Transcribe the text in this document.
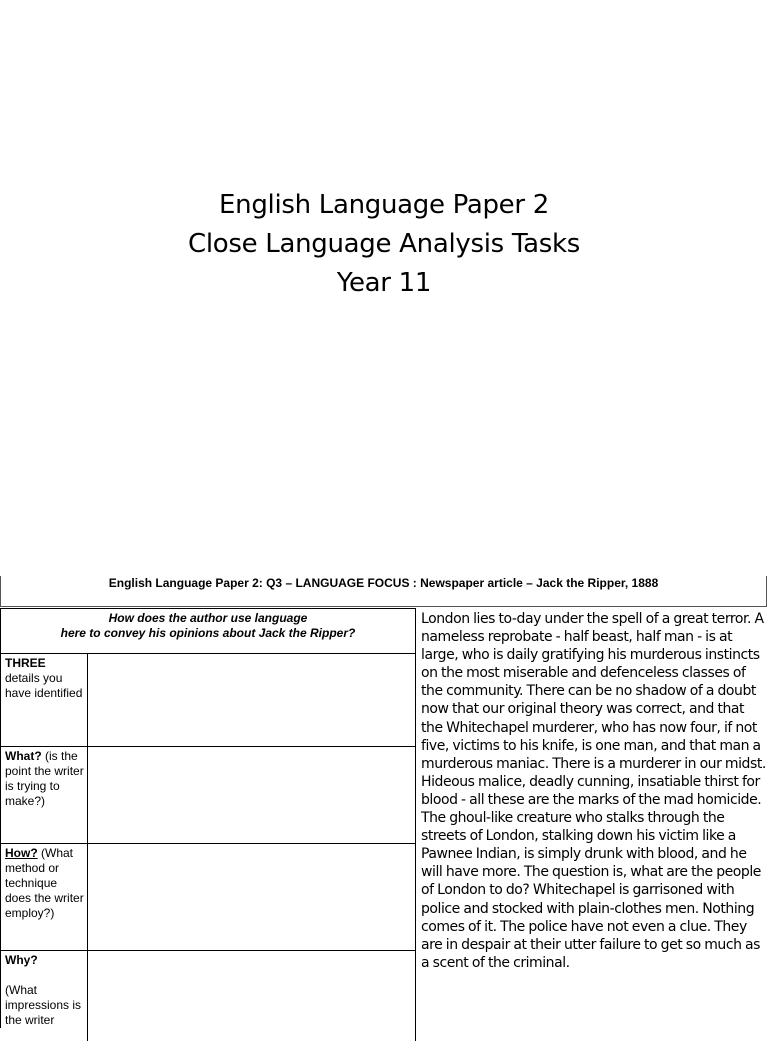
English Language Paper 2
Close Language Analysis Tasks
Year 11
English Language Paper 2: Q3 – LANGUAGE FOCUS : Newspaper article – Jack the Ripper, 1888
How does the author use language
here to convey his opinions about Jack the Ripper?
THREE
details you have identified
What? (is the point the writer is trying to make?)
How? (What method or technique does the writer employ?)
Why?

(What impressions is the writer
London lies to-day under the spell of a great terror. A nameless reprobate - half beast, half man - is at large, who is daily gratifying his murderous instincts on the most miserable and defenceless classes of the community. There can be no shadow of a doubt now that our original theory was correct, and that the Whitechapel murderer, who has now four, if not five, victims to his knife, is one man, and that man a murderous maniac. There is a murderer in our midst. Hideous malice, deadly cunning, insatiable thirst for blood - all these are the marks of the mad homicide. The ghoul-like creature who stalks through the streets of London, stalking down his victim like a Pawnee Indian, is simply drunk with blood, and he will have more. The question is, what are the people of London to do? Whitechapel is garrisoned with police and stocked with plain-clothes men. Nothing comes of it. The police have not even a clue. They are in despair at their utter failure to get so much as a scent of the criminal.
